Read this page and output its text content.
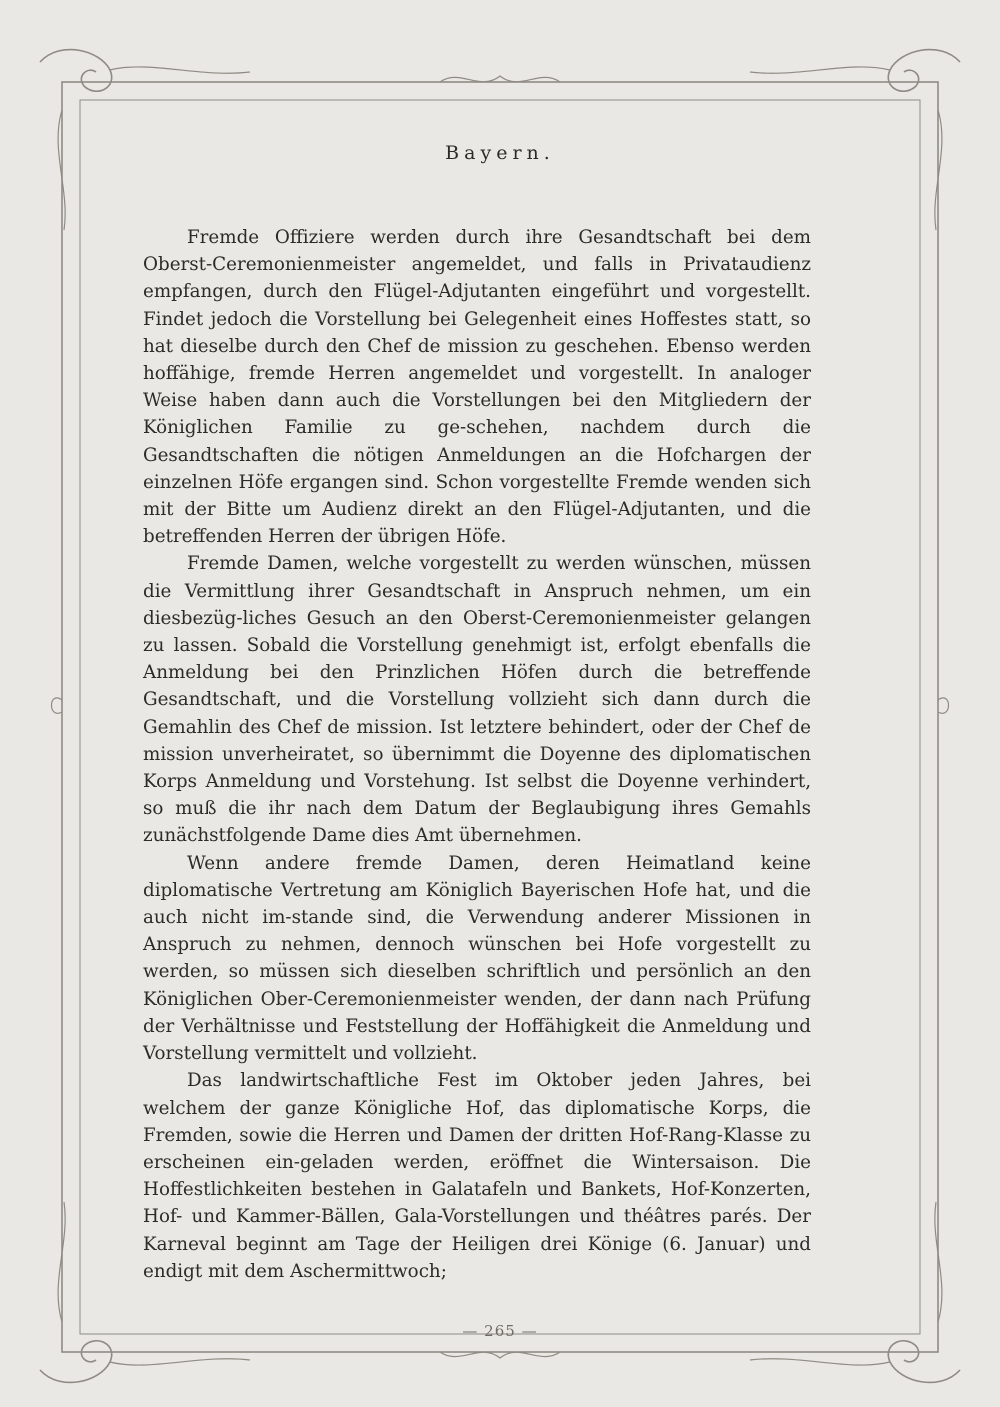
Bayern.

Fremde Offiziere werden durch ihre Gesandtschaft bei dem Oberst-Ceremonienmeister angemeldet, und falls in Privataudienz empfangen, durch den Flügel-Adjutanten eingeführt und vorgestellt. Findet jedoch die Vorstellung bei Gelegenheit eines Hoffestes statt, so hat dieselbe durch den Chef de mission zu geschehen. Ebenso werden hoffähige, fremde Herren angemeldet und vorgestellt. In analoger Weise haben dann auch die Vorstellungen bei den Mitgliedern der Königlichen Familie zu ge-schehen, nachdem durch die Gesandtschaften die nötigen Anmeldungen an die Hofchargen der einzelnen Höfe ergangen sind. Schon vorgestellte Fremde wenden sich mit der Bitte um Audienz direkt an den Flügel-Adjutanten, und die betreffenden Herren der übrigen Höfe.

Fremde Damen, welche vorgestellt zu werden wünschen, müssen die Vermittlung ihrer Gesandtschaft in Anspruch nehmen, um ein diesbezüg-liches Gesuch an den Oberst-Ceremonienmeister gelangen zu lassen. Sobald die Vorstellung genehmigt ist, erfolgt ebenfalls die Anmeldung bei den Prinzlichen Höfen durch die betreffende Gesandtschaft, und die Vorstellung vollzieht sich dann durch die Gemahlin des Chef de mission. Ist letztere behindert, oder der Chef de mission unverheiratet, so übernimmt die Doyenne des diplomatischen Korps Anmeldung und Vorstehung. Ist selbst die Doyenne verhindert, so muß die ihr nach dem Datum der Beglaubigung ihres Gemahls zunächstfolgende Dame dies Amt übernehmen.

Wenn andere fremde Damen, deren Heimatland keine diplomatische Vertretung am Königlich Bayerischen Hofe hat, und die auch nicht im-stande sind, die Verwendung anderer Missionen in Anspruch zu nehmen, dennoch wünschen bei Hofe vorgestellt zu werden, so müssen sich dieselben schriftlich und persönlich an den Königlichen Ober-Ceremonienmeister wenden, der dann nach Prüfung der Verhältnisse und Feststellung der Hoffähigkeit die Anmeldung und Vorstellung vermittelt und vollzieht.

Das landwirtschaftliche Fest im Oktober jeden Jahres, bei welchem der ganze Königliche Hof, das diplomatische Korps, die Fremden, sowie die Herren und Damen der dritten Hof-Rang-Klasse zu erscheinen ein-geladen werden, eröffnet die Wintersaison. Die Hoffestlichkeiten bestehen in Galatafeln und Bankets, Hof-Konzerten, Hof- und Kammer-Bällen, Gala-Vorstellungen und théâtres parés. Der Karneval beginnt am Tage der Heiligen drei Könige (6. Januar) und endigt mit dem Aschermittwoch;

— 265 —
